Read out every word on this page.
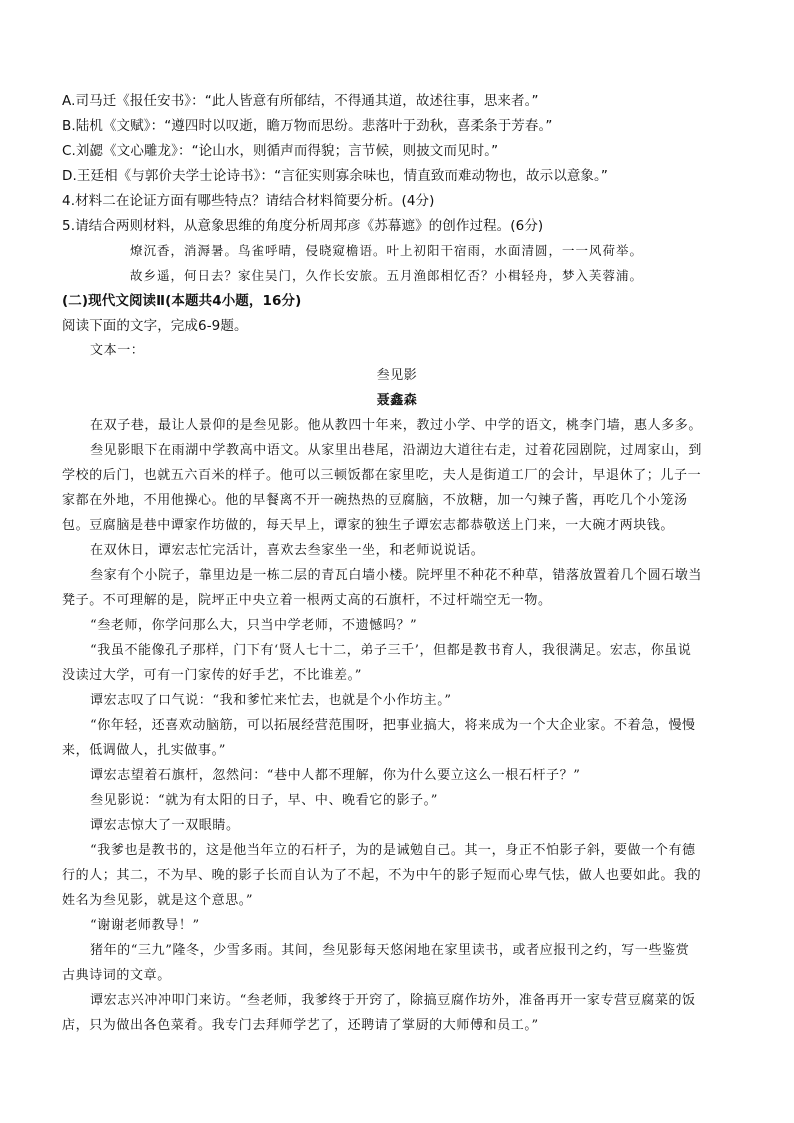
A.司马迁《报任安书》：“此人皆意有所郁结，不得通其道，故述往事，思来者。”
B.陆机《文赋》：“遵四时以叹逝，瞻万物而思纷。悲落叶于劲秋，喜柔条于芳春。”
C.刘勰《文心雕龙》：“论山水，则循声而得貌；言节候，则披文而见时。”
D.王廷相《与郭价夫学士论诗书》：“言征实则寡余味也，情直致而难动物也，故示以意象。”
4.材料二在论证方面有哪些特点？请结合材料简要分析。(4分)
5.请结合两则材料，从意象思维的角度分析周邦彦《苏幕遮》的创作过程。(6分)
燎沉香，消溽暑。鸟雀呼晴，侵晓窥檐语。叶上初阳干宿雨，水面清圆，一一风荷举。
故乡遥，何日去？家住吴门，久作长安旅。五月渔郎相忆否？小楫轻舟，梦入芙蓉浦。
(二)现代文阅读Ⅱ(本题共4小题，16分)
阅读下面的文字，完成6-9题。
文本一：
叁见影
聂鑫森
在双子巷，最让人景仰的是叁见影。他从教四十年来，教过小学、中学的语文，桃李门墙，惠人多多。
叁见影眼下在雨湖中学教高中语文。从家里出巷尾，沿湖边大道往右走，过着花园剧院，过周家山，到
学校的后门，也就五六百米的样子。他可以三顿饭都在家里吃，夫人是街道工厂的会计，早退休了；儿子一
家都在外地，不用他操心。他的早餐离不开一碗热热的豆腐脑，不放糖，加一勺辣子酱，再吃几个小笼汤
包。豆腐脑是巷中谭家作坊做的，每天早上，谭家的独生子谭宏志都恭敬送上门来，一大碗才两块钱。
在双休日，谭宏志忙完活计，喜欢去叁家坐一坐，和老师说说话。
叁家有个小院子，靠里边是一栋二层的青瓦白墙小楼。院坪里不种花不种草，错落放置着几个圆石墩当
凳子。不可理解的是，院坪正中央立着一根两丈高的石旗杆，不过杆端空无一物。
“叁老师，你学问那么大，只当中学老师，不遗憾吗？”
“我虽不能像孔子那样，门下有‘贤人七十二，弟子三千’，但都是教书育人，我很满足。宏志，你虽说
没读过大学，可有一门家传的好手艺，不比谁差。”
谭宏志叹了口气说：“我和爹忙来忙去，也就是个小作坊主。”
“你年轻，还喜欢动脑筋，可以拓展经营范围呀，把事业搞大，将来成为一个大企业家。不着急，慢慢
来，低调做人，扎实做事。”
谭宏志望着石旗杆，忽然问：“巷中人都不理解，你为什么要立这么一根石杆子？”
叁见影说：“就为有太阳的日子，早、中、晚看它的影子。”
谭宏志惊大了一双眼睛。
“我爹也是教书的，这是他当年立的石杆子，为的是诫勉自己。其一，身正不怕影子斜，要做一个有德
行的人；其二，不为早、晚的影子长而自认为了不起，不为中午的影子短而心卑气怯，做人也要如此。我的
姓名为叁见影，就是这个意思。”
“谢谢老师教导！”
猪年的“三九”隆冬，少雪多雨。其间，叁见影每天悠闲地在家里读书，或者应报刊之约，写一些鉴赏
古典诗词的文章。
谭宏志兴冲冲叩门来访。“叁老师，我爹终于开窍了，除搞豆腐作坊外，准备再开一家专营豆腐菜的饭
店，只为做出各色菜肴。我专门去拜师学艺了，还聘请了掌厨的大师傅和员工。”
